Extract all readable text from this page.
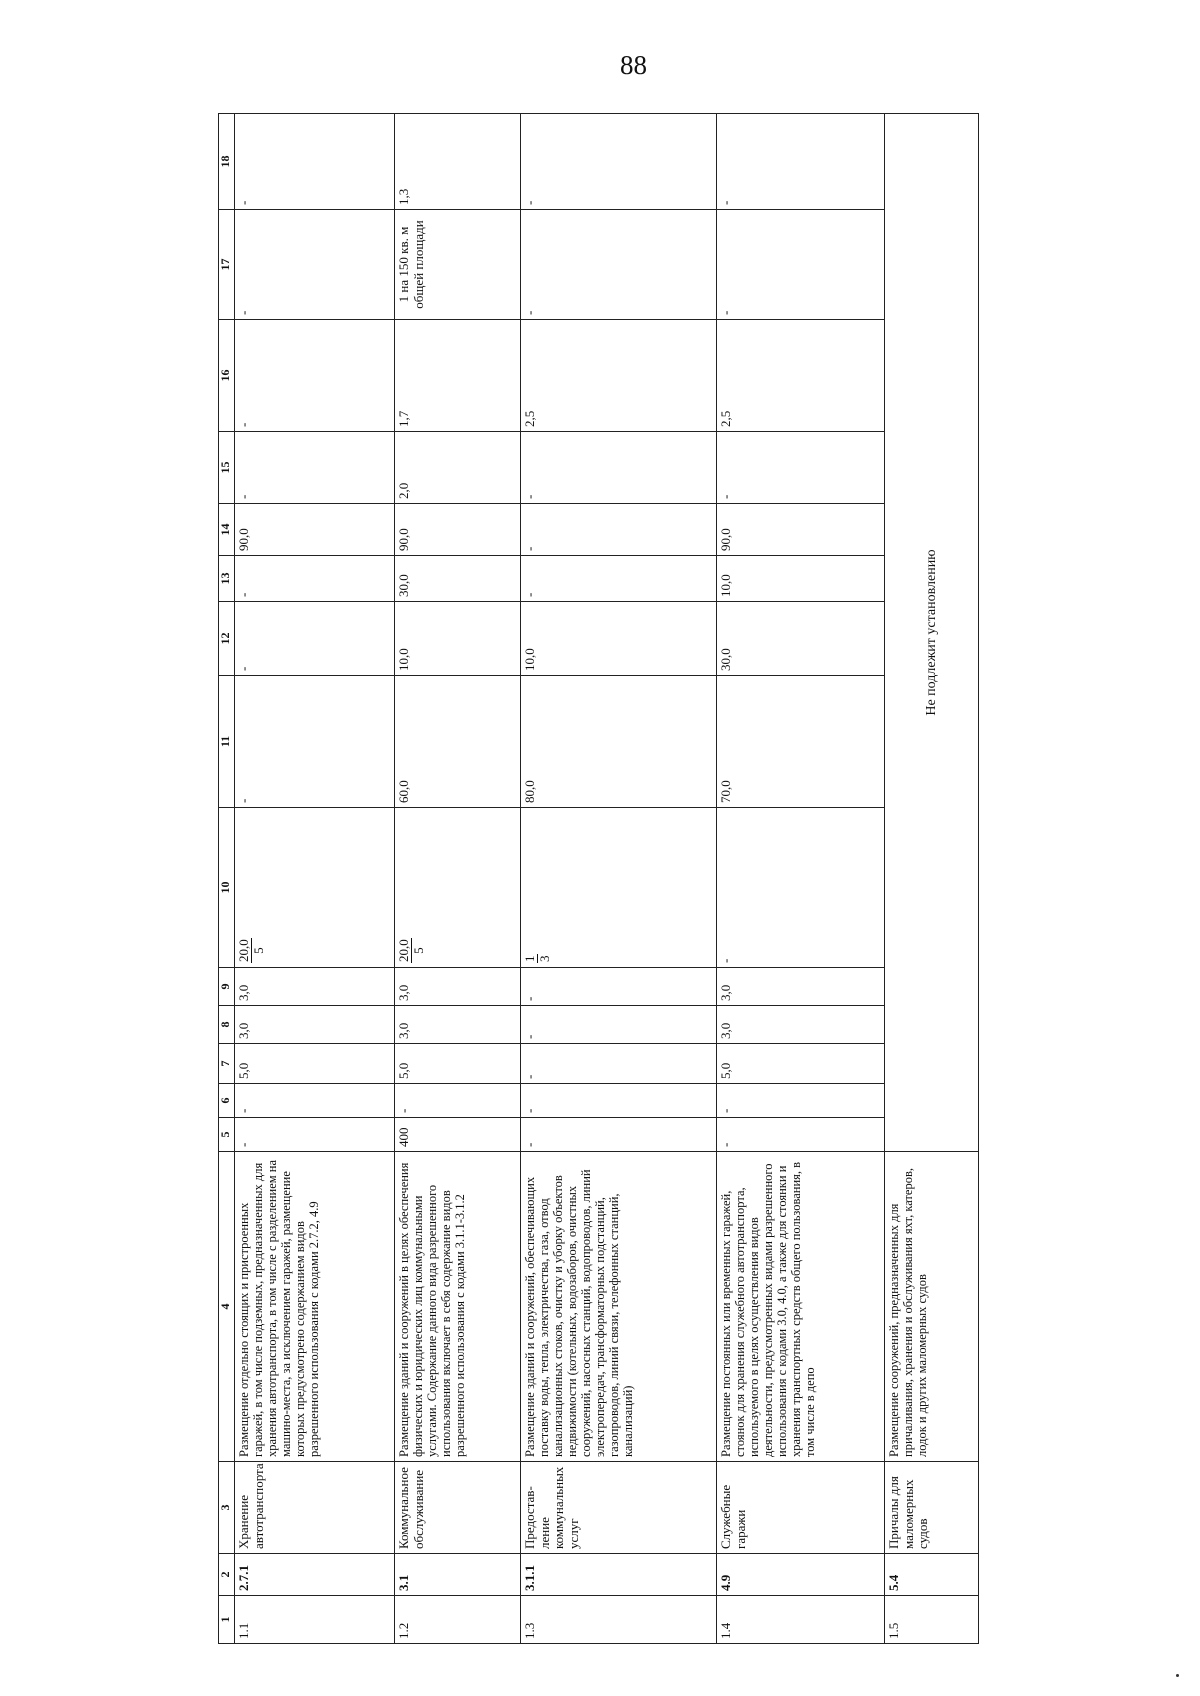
88
1	2	3	4	5	6	7	8	9	10	11	12	13	14	15	16	17	18
1.1	2.7.1	Хранение автотранспорта	Размещение отдельно стоящих и пристроенных гаражей, в том числе подземных, предназначенных для хранения автотранспорта, в том числе с разделением на машино-места, за исключением гаражей, размещение которых предусмотрено содержанием видов разрешенного использования с кодами 2.7.2, 4.9	-	-	5,0	3,0	3,0	20,0 5	-	-	-	90,0	-	-	-	-
1.2	3.1	Коммунальное обслуживание	Размещение зданий и сооружений в целях обеспечения физических и юридических лиц коммунальными услугами. Содержание данного вида разрешенного использования включает в себя содержание видов разрешенного использования с кодами 3.1.1-3.1.2	400	-	5,0	3,0	3,0	20,0 5	60,0	10,0	30,0	90,0	2,0	1,7	1 на 150 кв. м общей площади	1,3
1.3	3.1.1	Предостав-ление коммунальных услуг	Размещение зданий и сооружений, обеспечивающих поставку воды, тепла, электричества, газа, отвод канализационных стоков, очистку и уборку объектов недвижимости (котельных, водозаборов, очистных сооружений, насосных станций, водопроводов, линий электропередач, трансформаторных подстанций, газопроводов, линий связи, телефонных станций, канализаций)	-	-	-	-	-	1 3	80,0	10,0	-	-	-	2,5	-	-
1.4	4.9	Служебные гаражи	Размещение постоянных или временных гаражей, стоянок для хранения служебного автотранспорта, используемого в целях осуществления видов деятельности, предусмотренных видами разрешенного использования с кодами 3.0, 4.0, а также для стоянки и хранения транспортных средств общего пользования, в том числе в депо	-	-	5,0	3,0	3,0	-	70,0	30,0	10,0	90,0	-	2,5	-	-
1.5	5.4	Причалы для маломерных судов	Размещение сооружений, предназначенных для причаливания, хранения и обслуживания яхт, катеров, лодок и других маломерных судов	Не подлежит установлению													
